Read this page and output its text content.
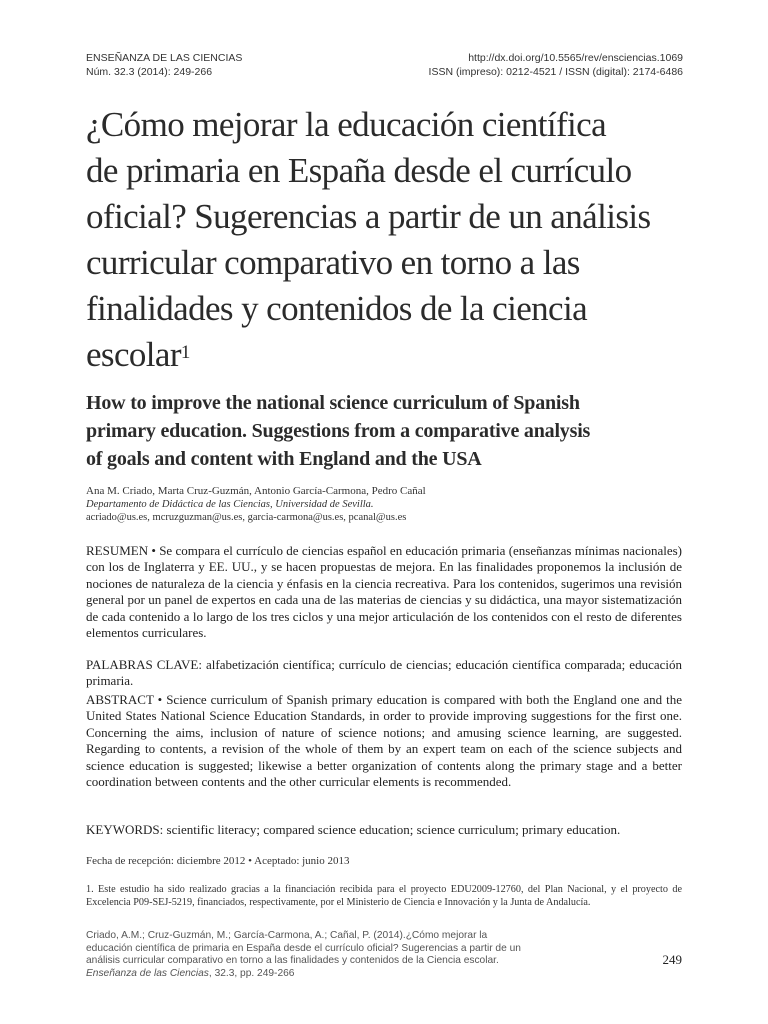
ENSEÑANZA DE LAS CIENCIAS
Núm. 32.3 (2014): 249-266
http://dx.doi.org/10.5565/rev/ensciencias.1069
ISSN (impreso): 0212-4521 / ISSN (digital): 2174-6486
¿Cómo mejorar la educación científica
de primaria en España desde el currículo
oficial? Sugerencias a partir de un análisis
curricular comparativo en torno a las
finalidades y contenidos de la ciencia
escolar$^1$
How to improve the national science curriculum of Spanish
primary education. Suggestions from a comparative analysis
of goals and content with England and the USA
Ana M. Criado, Marta Cruz-Guzmán, Antonio García-Carmona, Pedro Cañal
Departamento de Didáctica de las Ciencias, Universidad de Sevilla.
acriado@us.es, mcruzguzman@us.es, garcia-carmona@us.es, pcanal@us.es

RESUMEN • Se compara el currículo de ciencias español en educación primaria (enseñanzas mínimas nacionales) con los de Inglaterra y EE. UU., y se hacen propuestas de mejora. En las finalidades proponemos la inclusión de nociones de naturaleza de la ciencia y énfasis en la ciencia recreativa. Para los contenidos, sugerimos una revisión general por un panel de expertos en cada una de las materias de ciencias y su didáctica, una mayor sistematización de cada contenido a lo largo de los tres ciclos y una mejor articulación de los contenidos con el resto de diferentes elementos curriculares.

PALABRAS CLAVE: alfabetización científica; currículo de ciencias; educación científica comparada; educación primaria.

ABSTRACT • Science curriculum of Spanish primary education is compared with both the England one and the United States National Science Education Standards, in order to provide improving suggestions for the first one. Concerning the aims, inclusion of nature of science notions; and amusing science learning, are suggested. Regarding to contents, a revision of the whole of them by an expert team on each of the science subjects and science education is suggested; likewise a better organization of contents along the primary stage and a better coordination between contents and the other curricular elements is recommended.

KEYWORDS: scientific literacy; compared science education; science curriculum; primary education.

Fecha de recepción: diciembre 2012 • Aceptado: junio 2013
1. Este estudio ha sido realizado gracias a la financiación recibida para el proyecto EDU2009-12760, del Plan Nacional, y el proyecto de Excelencia P09-SEJ-5219, financiados, respectivamente, por el Ministerio de Ciencia e Innovación y la Junta de Andalucía.
Criado, A.M.; Cruz-Guzmán, M.; García-Carmona, A.; Cañal, P. (2014).¿Cómo mejorar la educación científica de primaria en España desde el currículo oficial? Sugerencias a partir de un análisis curricular comparativo en torno a las finalidades y contenidos de la Ciencia escolar. Enseñanza de las Ciencias, 32.3, pp. 249-266
249
